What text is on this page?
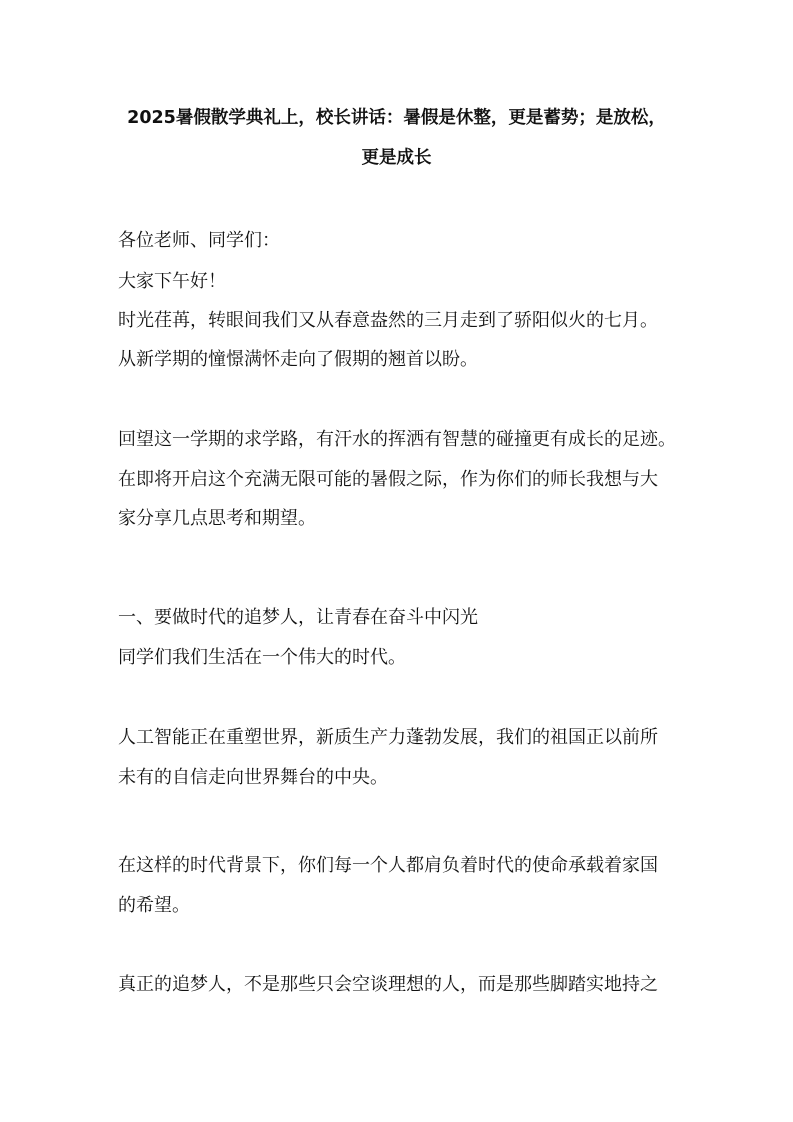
2025暑假散学典礼上，校长讲话：暑假是休整，更是蓄势；是放松，
更是成长
各位老师、同学们：
大家下午好！
时光荏苒，转眼间我们又从春意盎然的三月走到了骄阳似火的七月。
从新学期的憧憬满怀走向了假期的翘首以盼。
回望这一学期的求学路，有汗水的挥洒有智慧的碰撞更有成长的足迹。
在即将开启这个充满无限可能的暑假之际，作为你们的师长我想与大
家分享几点思考和期望。
一、要做时代的追梦人，让青春在奋斗中闪光
同学们我们生活在一个伟大的时代。
人工智能正在重塑世界，新质生产力蓬勃发展，我们的祖国正以前所
未有的自信走向世界舞台的中央。
在这样的时代背景下，你们每一个人都肩负着时代的使命承载着家国
的希望。
真正的追梦人，不是那些只会空谈理想的人，而是那些脚踏实地持之
